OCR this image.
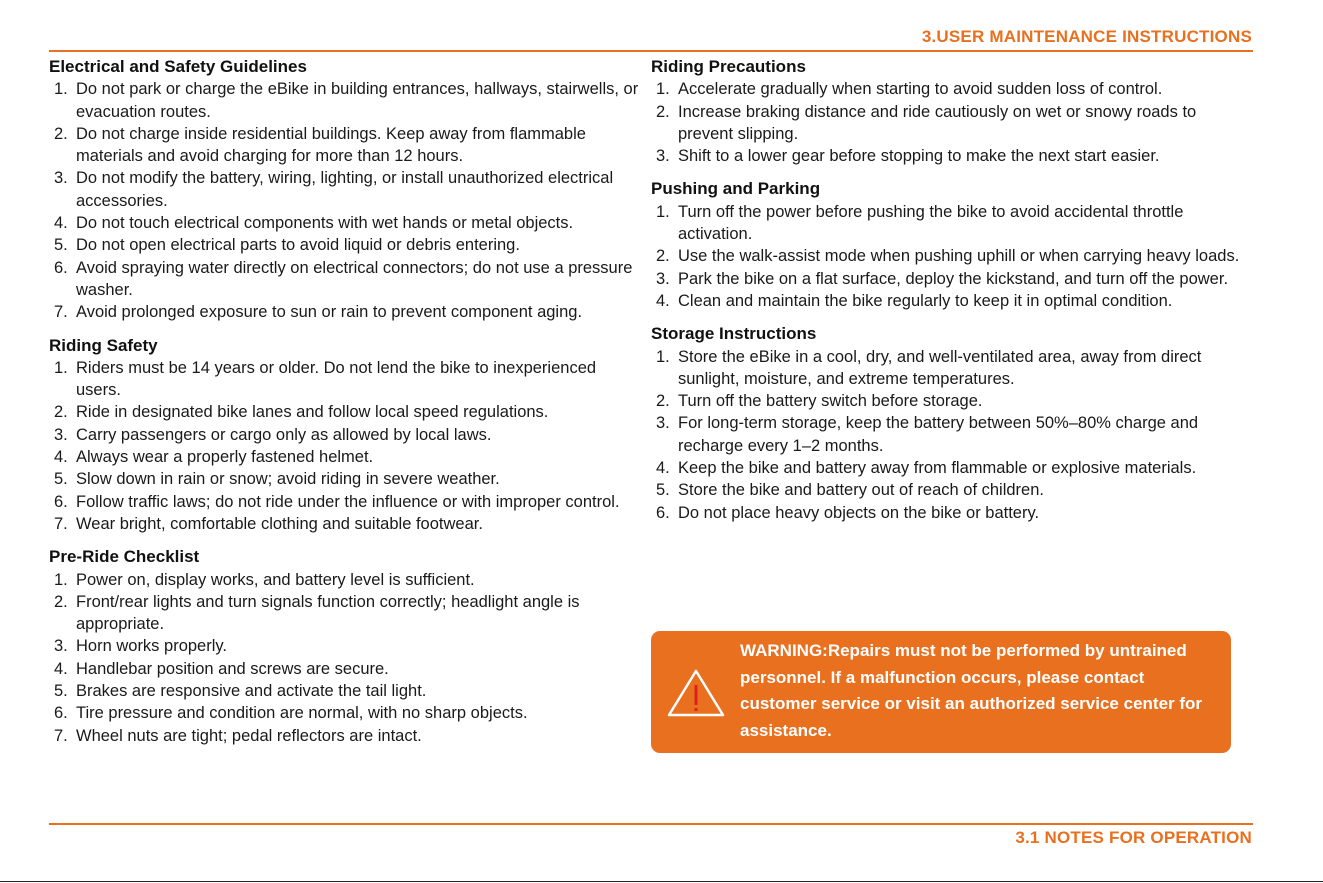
3.USER MAINTENANCE INSTRUCTIONS
Electrical and Safety Guidelines
1. Do not park or charge the eBike in building entrances, hallways, stairwells, or evacuation routes.
2. Do not charge inside residential buildings. Keep away from flammable materials and avoid charging for more than 12 hours.
3. Do not modify the battery, wiring, lighting, or install unauthorized electrical accessories.
4. Do not touch electrical components with wet hands or metal objects.
5. Do not open electrical parts to avoid liquid or debris entering.
6. Avoid spraying water directly on electrical connectors; do not use a pressure washer.
7. Avoid prolonged exposure to sun or rain to prevent component aging.
Riding Safety
1. Riders must be 14 years or older. Do not lend the bike to inexperienced users.
2. Ride in designated bike lanes and follow local speed regulations.
3. Carry passengers or cargo only as allowed by local laws.
4. Always wear a properly fastened helmet.
5. Slow down in rain or snow; avoid riding in severe weather.
6. Follow traffic laws; do not ride under the influence or with improper control.
7. Wear bright, comfortable clothing and suitable footwear.
Pre-Ride Checklist
1. Power on, display works, and battery level is sufficient.
2. Front/rear lights and turn signals function correctly; headlight angle is appropriate.
3. Horn works properly.
4. Handlebar position and screws are secure.
5. Brakes are responsive and activate the tail light.
6. Tire pressure and condition are normal, with no sharp objects.
7. Wheel nuts are tight; pedal reflectors are intact.
Riding Precautions
1. Accelerate gradually when starting to avoid sudden loss of control.
2. Increase braking distance and ride cautiously on wet or snowy roads to prevent slipping.
3. Shift to a lower gear before stopping to make the next start easier.
Pushing and Parking
1. Turn off the power before pushing the bike to avoid accidental throttle activation.
2. Use the walk-assist mode when pushing uphill or when carrying heavy loads.
3. Park the bike on a flat surface, deploy the kickstand, and turn off the power.
4. Clean and maintain the bike regularly to keep it in optimal condition.
Storage Instructions
1. Store the eBike in a cool, dry, and well-ventilated area, away from direct sunlight, moisture, and extreme temperatures.
2. Turn off the battery switch before storage.
3. For long-term storage, keep the battery between 50%–80% charge and recharge every 1–2 months.
4. Keep the bike and battery away from flammable or explosive materials.
5. Store the bike and battery out of reach of children.
6. Do not place heavy objects on the bike or battery.
WARNING:Repairs must not be performed by untrained personnel. If a malfunction occurs, please contact customer service or visit an authorized service center for assistance.
3.1 NOTES FOR OPERATION
